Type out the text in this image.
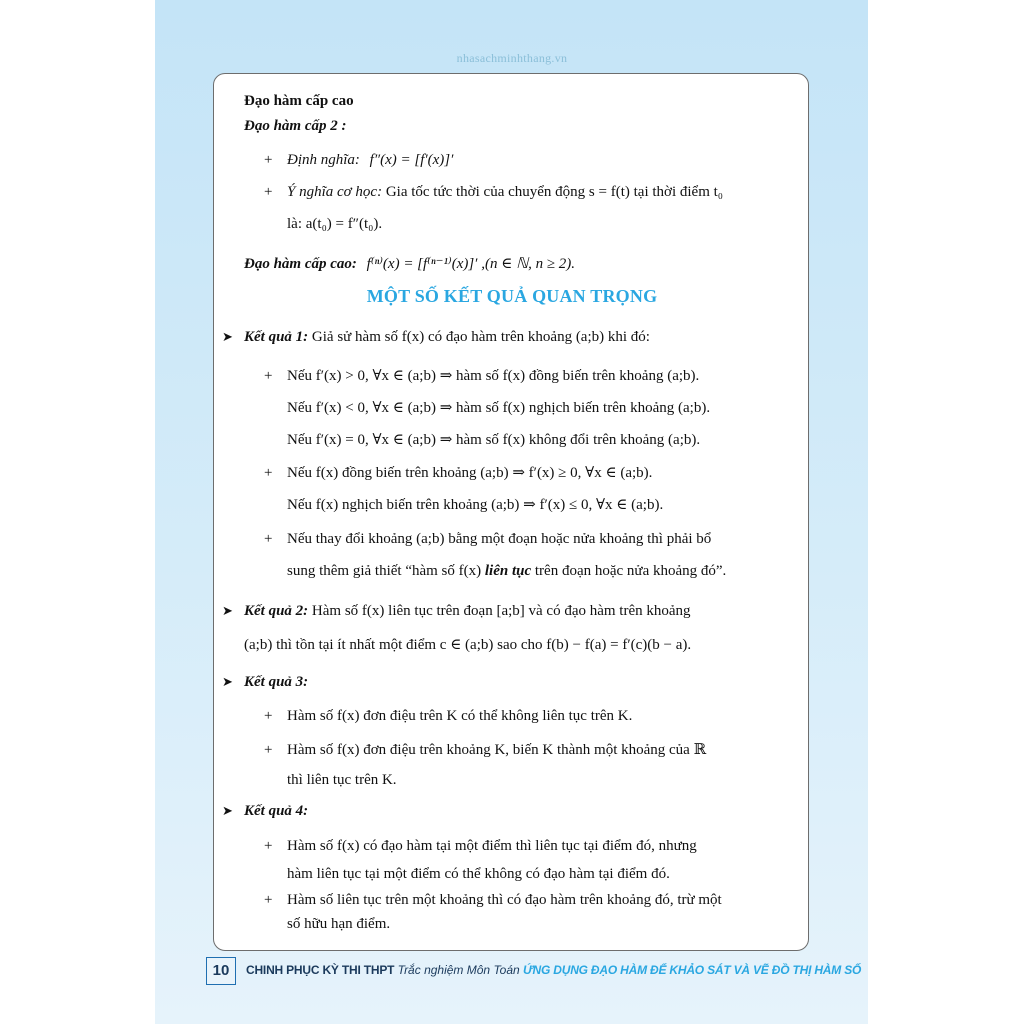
nhasachminhthang.vn
Đạo hàm cấp cao
Đạo hàm cấp 2 :
+ Định nghĩa: f″(x) = [f′(x)]′
+ Ý nghĩa cơ học: Gia tốc tức thời của chuyển động s = f(t) tại thời điểm t₀
là: a(t₀) = f″(t₀).
Đạo hàm cấp cao: f⁽ⁿ⁾(x) = [f⁽ⁿ⁻¹⁾(x)]′ ,(n ∈ ℕ, n ≥ 2).
MỘT SỐ KẾT QUẢ QUAN TRỌNG
➤ Kết quả 1: Giả sử hàm số f(x) có đạo hàm trên khoảng (a;b) khi đó:
+ Nếu f′(x) > 0, ∀x ∈ (a;b) ⇒ hàm số f(x) đồng biến trên khoảng (a;b).
Nếu f′(x) < 0, ∀x ∈ (a;b) ⇒ hàm số f(x) nghịch biến trên khoảng (a;b).
Nếu f′(x) = 0, ∀x ∈ (a;b) ⇒ hàm số f(x) không đổi trên khoảng (a;b).
+ Nếu f(x) đồng biến trên khoảng (a;b) ⇒ f′(x) ≥ 0, ∀x ∈ (a;b).
Nếu f(x) nghịch biến trên khoảng (a;b) ⇒ f′(x) ≤ 0, ∀x ∈ (a;b).
+ Nếu thay đổi khoảng (a;b) bằng một đoạn hoặc nửa khoảng thì phải bổ
sung thêm giả thiết “hàm số f(x) liên tục trên đoạn hoặc nửa khoảng đó”.
➤ Kết quả 2: Hàm số f(x) liên tục trên đoạn [a;b] và có đạo hàm trên khoảng
(a;b) thì tồn tại ít nhất một điểm c ∈ (a;b) sao cho f(b) − f(a) = f′(c)(b − a).
➤ Kết quả 3:
+ Hàm số f(x) đơn điệu trên K có thể không liên tục trên K.
+ Hàm số f(x) đơn điệu trên khoảng K, biến K thành một khoảng của ℝ
thì liên tục trên K.
➤ Kết quả 4:
+ Hàm số f(x) có đạo hàm tại một điểm thì liên tục tại điểm đó, nhưng
hàm liên tục tại một điểm có thể không có đạo hàm tại điểm đó.
+ Hàm số liên tục trên một khoảng thì có đạo hàm trên khoảng đó, trừ một
số hữu hạn điểm.
10	CHINH PHỤC KỲ THI THPT Trắc nghiệm Môn Toán ỨNG DỤNG ĐẠO HÀM ĐỂ KHẢO SÁT VÀ VẼ ĐỒ THỊ HÀM SỐ
